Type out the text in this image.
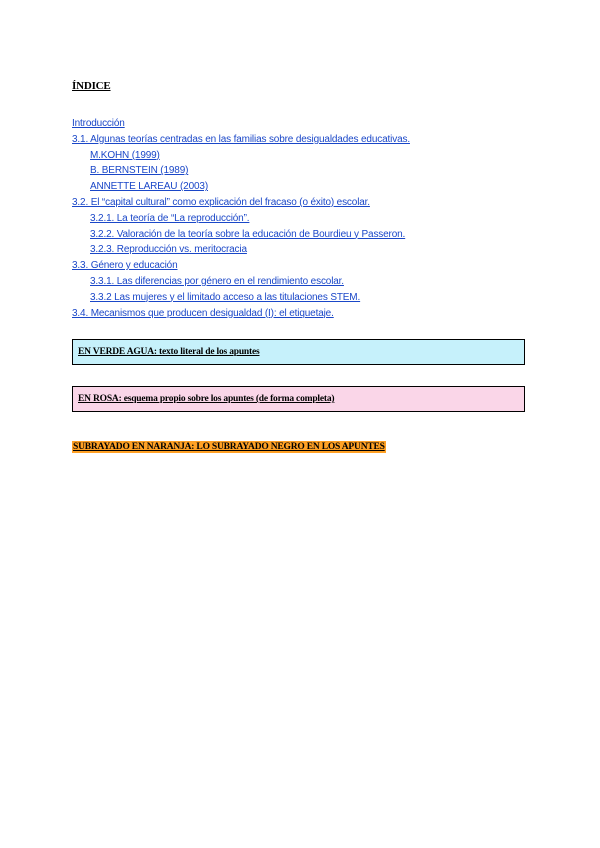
ÍNDICE
Introducción
3.1. Algunas teorías centradas en las familias sobre desigualdades educativas.
M.KOHN (1999)
B. BERNSTEIN (1989)
ANNETTE LAREAU (2003)
3.2. El “capital cultural” como explicación del fracaso (o éxito) escolar.
3.2.1. La teoría de “La reproducción”.
3.2.2. Valoración de la teoría sobre la educación de Bourdieu y Passeron.
3.2.3. Reproducción vs. meritocracia
3.3. Género y educación
3.3.1. Las diferencias por género en el rendimiento escolar.
3.3.2 Las mujeres y el limitado acceso a las titulaciones STEM.
3.4. Mecanismos que producen desigualdad (I): el etiquetaje.
EN VERDE AGUA: texto literal de los apuntes
EN ROSA: esquema propio sobre los apuntes (de forma completa)
SUBRAYADO EN NARANJA: LO SUBRAYADO NEGRO EN LOS APUNTES
